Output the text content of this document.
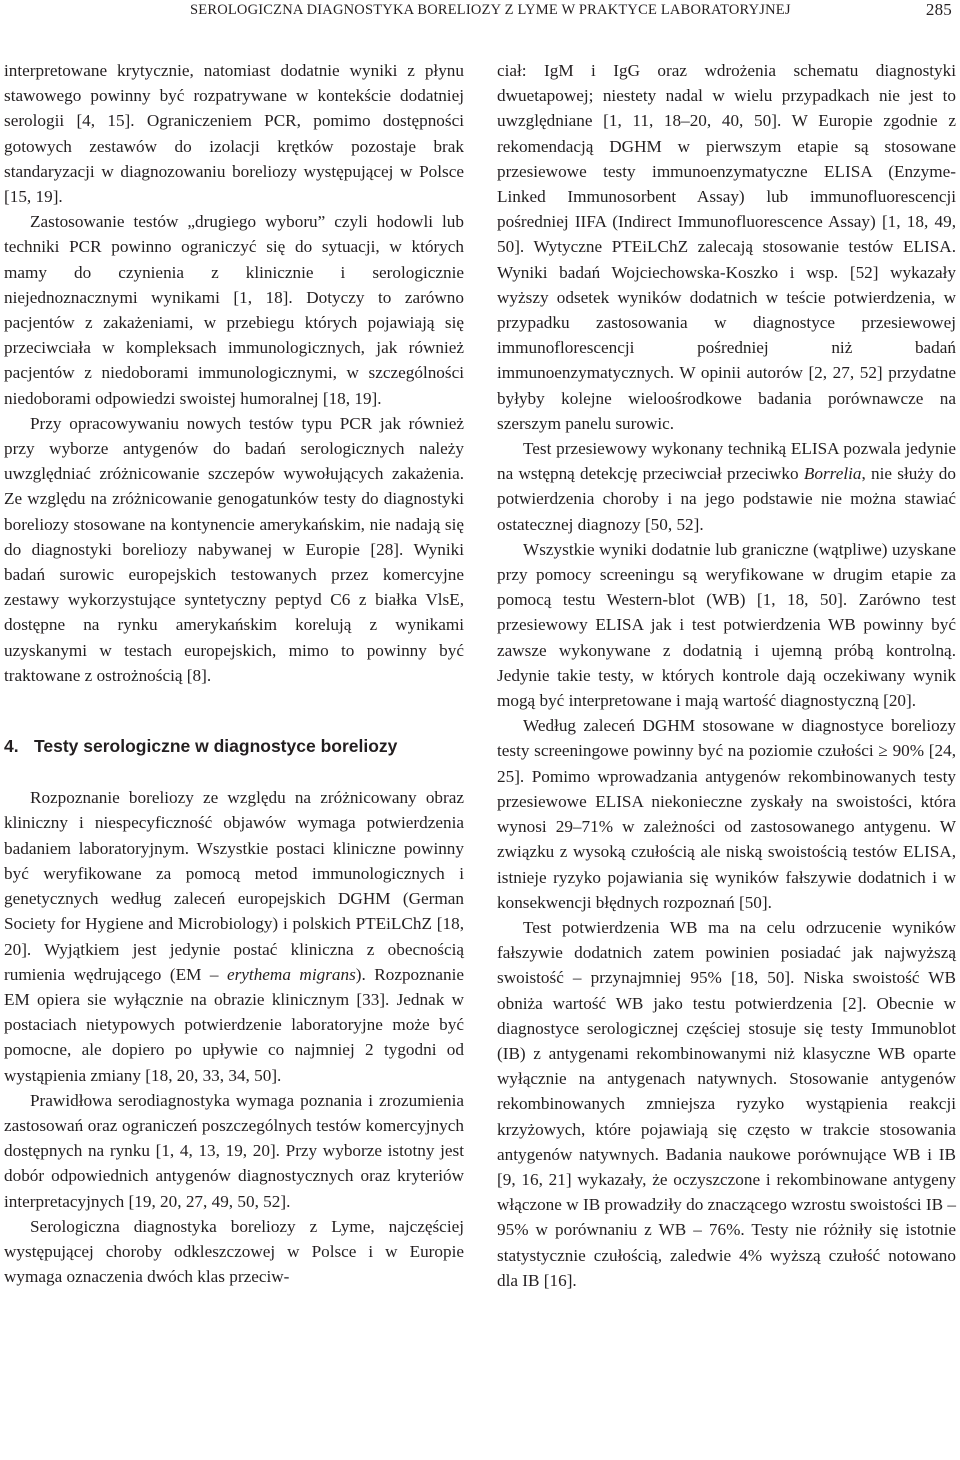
SEROLOGICZNA DIAGNOSTYKA BORELIOZY Z LYME W PRAKTYCE LABORATORYJNEJ	285

interpretowane krytycznie, natomiast dodatnie wyniki z płynu stawowego powinny być rozpatrywane w kontekście dodatniej serologii [4, 15]. Ograniczeniem PCR, pomimo dostępności gotowych zestawów do izolacji krętków pozostaje brak standaryzacji w diagnozowaniu boreliozy występującej w Polsce [15, 19].

Zastosowanie testów „drugiego wyboru” czyli hodowli lub techniki PCR powinno ograniczyć się do sytuacji, w których mamy do czynienia z klinicznie i serologicznie niejednoznacznymi wynikami [1, 18]. Dotyczy to zarówno pacjentów z zakażeniami, w przebiegu których pojawiają się przeciwciała w kompleksach immunologicznych, jak również pacjentów z niedoborami immunologicznymi, w szczególności niedoborami odpowiedzi swoistej humoralnej [18, 19].

Przy opracowywaniu nowych testów typu PCR jak również przy wyborze antygenów do badań serologicznych należy uwzględniać zróżnicowanie szczepów wywołujących zakażenia. Ze względu na zróżnicowanie genogatunków testy do diagnostyki boreliozy stosowane na kontynencie amerykańskim, nie nadają się do diagnostyki boreliozy nabywanej w Europie [28]. Wyniki badań surowic europejskich testowanych przez komercyjne zestawy wykorzystujące syntetyczny peptyd C6 z białka VlsE, dostępne na rynku amerykańskim korelują z wynikami uzyskanymi w testach europejskich, mimo to powinny być traktowane z ostrożnością [8].

4. Testy serologiczne w diagnostyce boreliozy

Rozpoznanie boreliozy ze względu na zróżnicowany obraz kliniczny i niespecyficzność objawów wymaga potwierdzenia badaniem laboratoryjnym. Wszystkie postaci kliniczne powinny być weryfikowane za pomocą metod immunologicznych i genetycznych według zaleceń europejskich DGHM (German Society for Hygiene and Microbiology) i polskich PTEiLChZ [18, 20]. Wyjątkiem jest jedynie postać kliniczna z obecnością rumienia wędrującego (EM – erythema migrans). Rozpoznanie EM opiera sie wyłącznie na obrazie klinicznym [33]. Jednak w postaciach nietypowych potwierdzenie laboratoryjne może być pomocne, ale dopiero po upływie co najmniej 2 tygodni od wystąpienia zmiany [18, 20, 33, 34, 50].

Prawidłowa serodiagnostyka wymaga poznania i zrozumienia zastosowań oraz ograniczeń poszczególnych testów komercyjnych dostępnych na rynku [1, 4, 13, 19, 20]. Przy wyborze istotny jest dobór odpowiednich antygenów diagnostycznych oraz kryteriów interpretacyjnych [19, 20, 27, 49, 50, 52].

Serologiczna diagnostyka boreliozy z Lyme, najczęściej występującej choroby odkleszczowej w Polsce i w Europie wymaga oznaczenia dwóch klas przeciw-

ciał: IgM i IgG oraz wdrożenia schematu diagnostyki dwuetapowej; niestety nadal w wielu przypadkach nie jest to uwzględniane [1, 11, 18–20, 40, 50]. W Europie zgodnie z rekomendacją DGHM w pierwszym etapie są stosowane przesiewowe testy immunoenzymatyczne ELISA (Enzyme-Linked Immunosorbent Assay) lub immunofluorescencji pośredniej IIFA (Indirect Immunofluorescence Assay) [1, 18, 49, 50]. Wytyczne PTEiLChZ zalecają stosowanie testów ELISA. Wyniki badań Wojciechowska-Koszko i wsp. [52] wykazały wyższy odsetek wyników dodatnich w teście potwierdzenia, w przypadku zastosowania w diagnostyce przesiewowej immunoflorescencji pośredniej niż badań immunoenzymatycznych. W opinii autorów [2, 27, 52] przydatne byłyby kolejne wieloośrodkowe badania porównawcze na szerszym panelu surowic.

Test przesiewowy wykonany techniką ELISA pozwala jedynie na wstępną detekcję przeciwciał przeciwko Borrelia, nie służy do potwierdzenia choroby i na jego podstawie nie można stawiać ostatecznej diagnozy [50, 52].

Wszystkie wyniki dodatnie lub graniczne (wątpliwe) uzyskane przy pomocy screeningu są weryfikowane w drugim etapie za pomocą testu Western-blot (WB) [1, 18, 50]. Zarówno test przesiewowy ELISA jak i test potwierdzenia WB powinny być zawsze wykonywane z dodatnią i ujemną próbą kontrolną. Jedynie takie testy, w których kontrole dają oczekiwany wynik mogą być interpretowane i mają wartość diagnostyczną [20].

Według zaleceń DGHM stosowane w diagnostyce boreliozy testy screeningowe powinny być na poziomie czułości ≥ 90% [24, 25]. Pomimo wprowadzania antygenów rekombinowanych testy przesiewowe ELISA niekonieczne zyskały na swoistości, która wynosi 29–71% w zależności od zastosowanego antygenu. W związku z wysoką czułością ale niską swoistością testów ELISA, istnieje ryzyko pojawiania się wyników fałszywie dodatnich i w konsekwencji błędnych rozpoznań [50].

Test potwierdzenia WB ma na celu odrzucenie wyników fałszywie dodatnich zatem powinien posiadać jak najwyższą swoistość – przynajmniej 95% [18, 50]. Niska swoistość WB obniża wartość WB jako testu potwierdzenia [2]. Obecnie w diagnostyce serologicznej częściej stosuje się testy Immunoblot (IB) z antygenami rekombinowanymi niż klasyczne WB oparte wyłącznie na antygenach natywnych. Stosowanie antygenów rekombinowanych zmniejsza ryzyko wystąpienia reakcji krzyżowych, które pojawiają się często w trakcie stosowania antygenów natywnych. Badania naukowe porównujące WB i IB [9, 16, 21] wykazały, że oczyszczone i rekombinowane antygeny włączone w IB prowadziły do znaczącego wzrostu swoistości IB – 95% w porównaniu z WB – 76%. Testy nie różniły się istotnie statystycznie czułością, zaledwie 4% wyższą czułość notowano dla IB [16].
